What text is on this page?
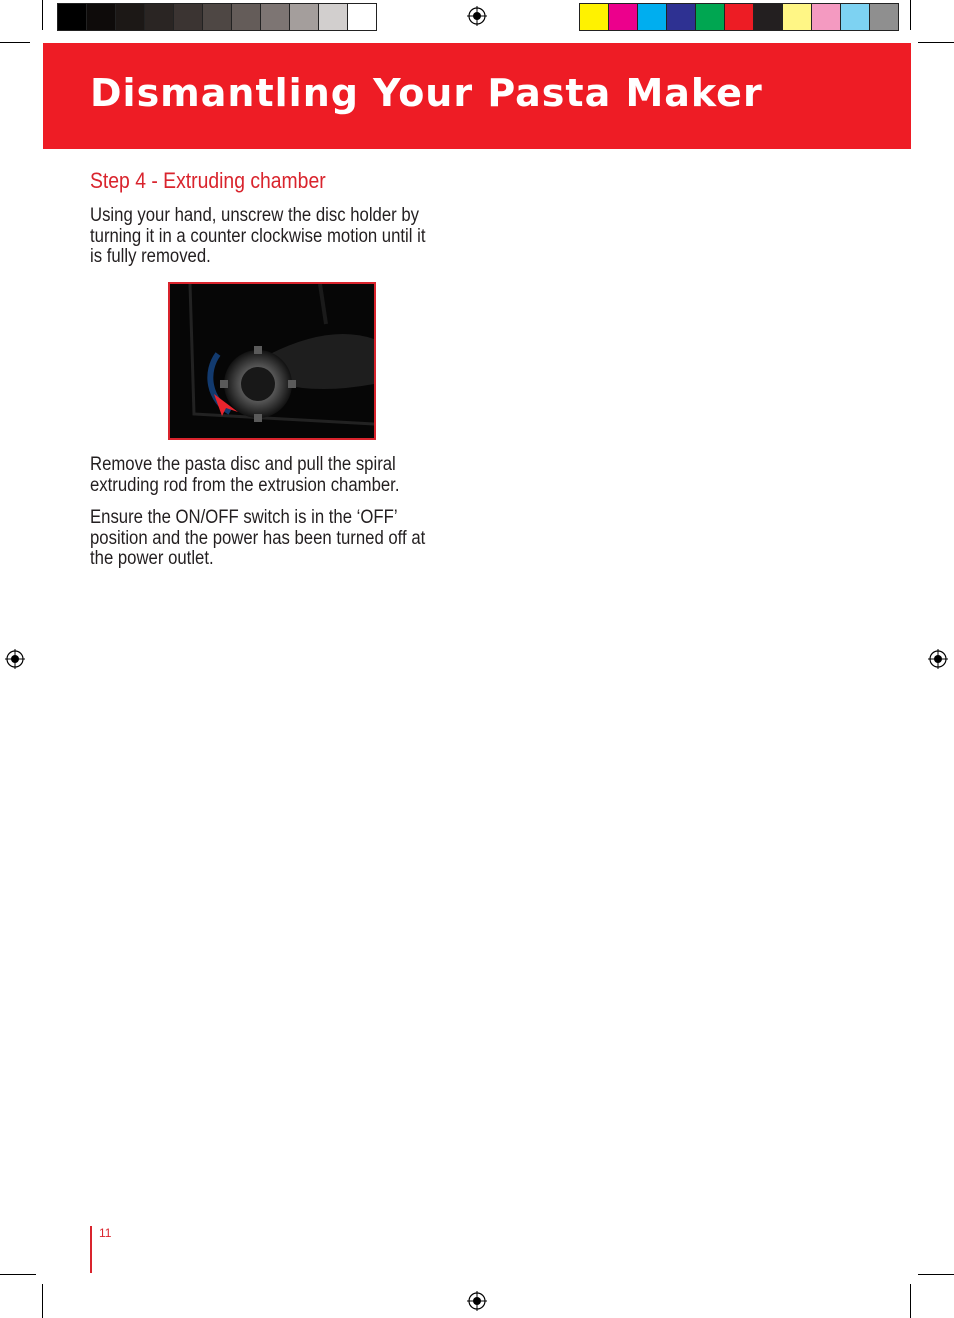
Dismantling Your Pasta Maker
Step 4 - Extruding chamber

Using your hand, unscrew the disc holder by turning it in a counter clockwise motion until it is fully removed.

Remove the pasta disc and pull the spiral extruding rod from the extrusion chamber.

Ensure the ON/OFF switch is in the ‘OFF’ position and the power has been turned off at the power outlet.

11
